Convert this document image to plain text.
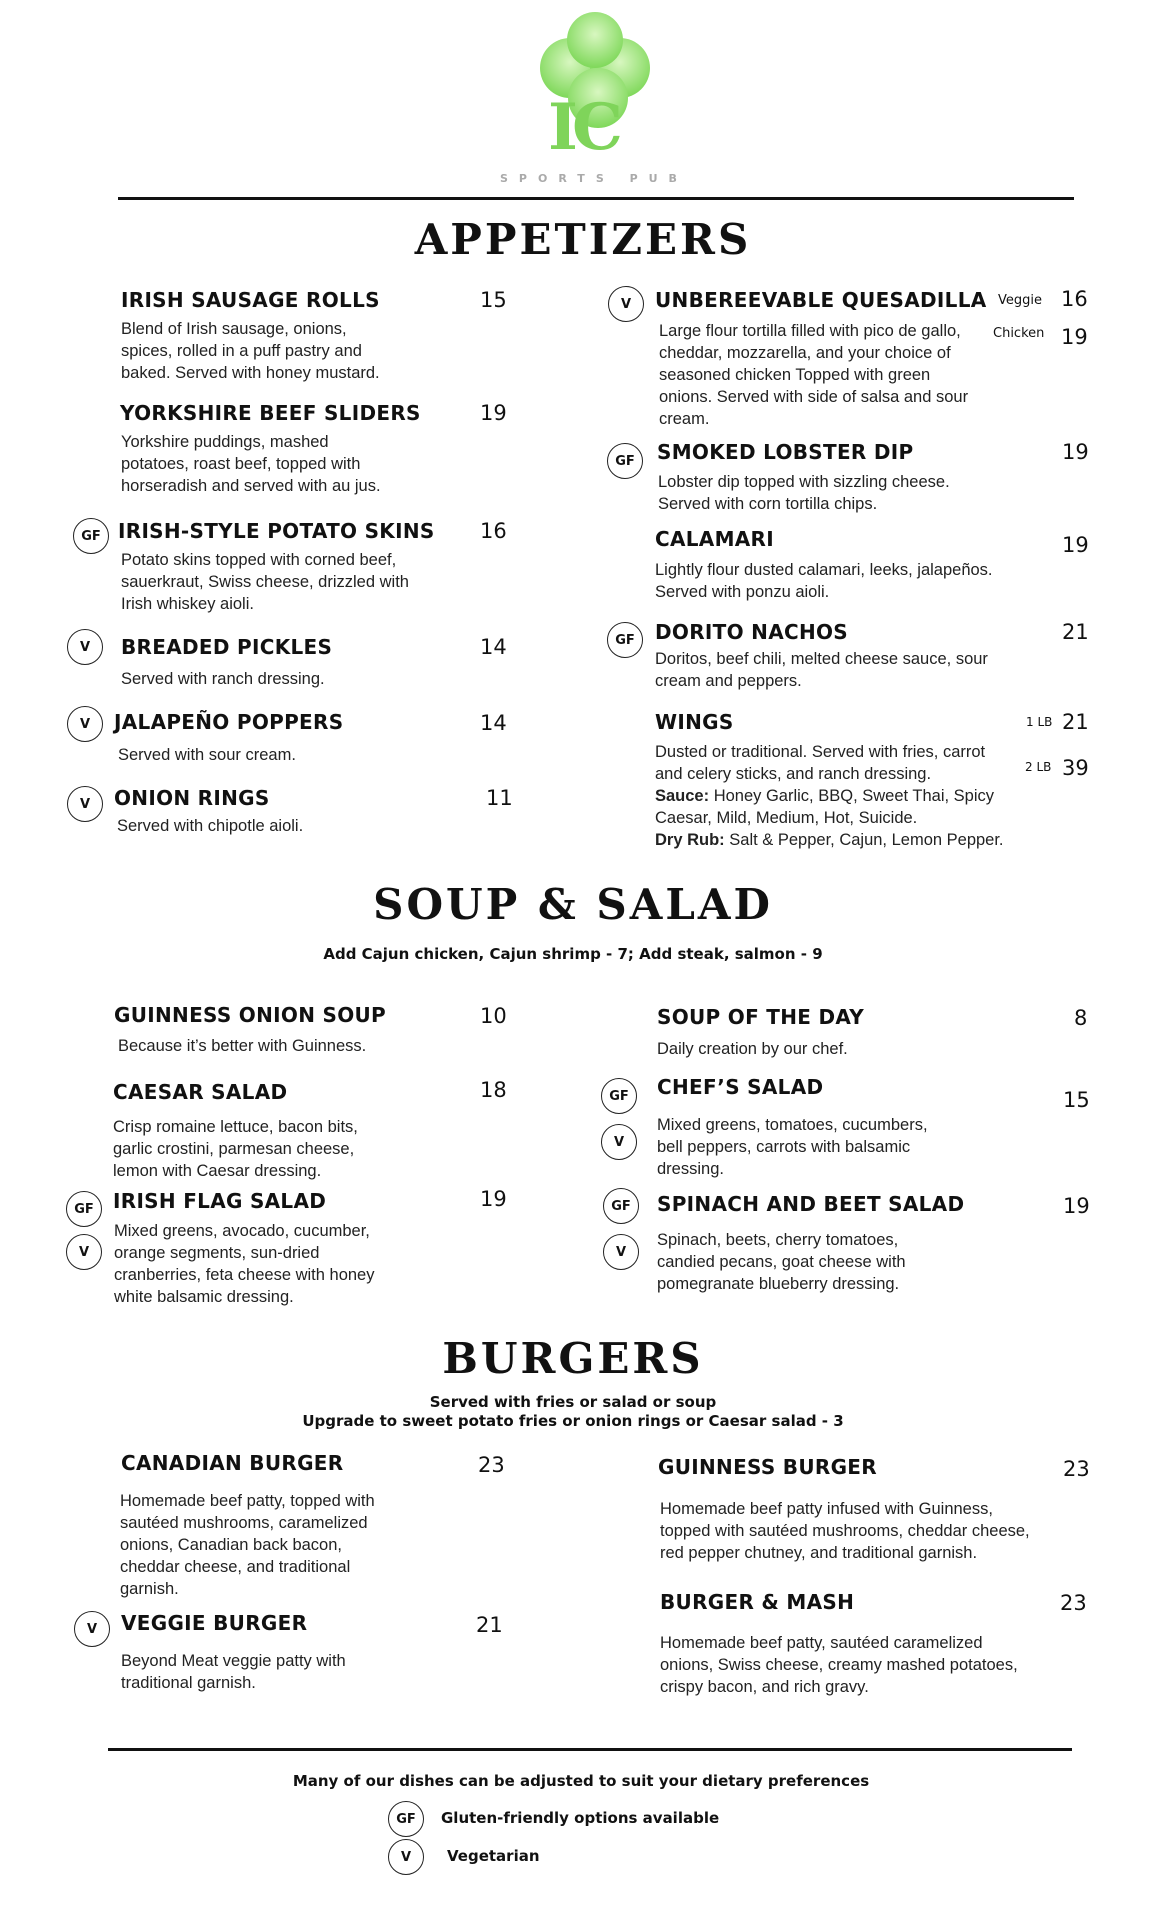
IC
SPORTS PUB
APPETIZERS
IRISH SAUSAGE ROLLS	15
Blend of Irish sausage, onions,
spices, rolled in a puff pastry and
baked. Served with honey mustard.
YORKSHIRE BEEF SLIDERS	19
Yorkshire puddings, mashed
potatoes, roast beef, topped with
horseradish and served with au jus.
GF IRISH-STYLE POTATO SKINS 16
Potato skins topped with corned beef,
sauerkraut, Swiss cheese, drizzled with
Irish whiskey aioli.
V	BREADED PICKLES	14
Served with ranch dressing.
V	JALAPEÑO POPPERS	14
Served with sour cream.
V	ONION RINGS	11
Served with chipotle aioli.
V	UNBEREEVABLE QUESADILLA Veggie 16
Chicken 19
Large flour tortilla filled with pico de gallo,
cheddar, mozzarella, and your choice of
seasoned chicken Topped with green
onions. Served with side of salsa and sour
cream.
GF	SMOKED LOBSTER DIP	19
Lobster dip topped with sizzling cheese.
Served with corn tortilla chips.
CALAMARI	19
Lightly flour dusted calamari, leeks, jalapeños.
Served with ponzu aioli.
GF	DORITO NACHOS	21
Doritos, beef chili, melted cheese sauce, sour
cream and peppers.
WINGS	1 LB 21
2 LB 39
Dusted or traditional. Served with fries, carrot
and celery sticks, and ranch dressing.
Sauce: Honey Garlic, BBQ, Sweet Thai, Spicy
Caesar, Mild, Medium, Hot, Suicide.
Dry Rub: Salt & Pepper, Cajun, Lemon Pepper.
SOUP & SALAD
Add Cajun chicken, Cajun shrimp - 7; Add steak, salmon - 9
GUINNESS ONION SOUP	10
Because it’s better with Guinness.
CAESAR SALAD	18
Crisp romaine lettuce, bacon bits,
garlic crostini, parmesan cheese,
lemon with Caesar dressing.
GF
V
IRISH FLAG SALAD	19
Mixed greens, avocado, cucumber,
orange segments, sun-dried
cranberries, feta cheese with honey
white balsamic dressing.
SOUP OF THE DAY	8
Daily creation by our chef.
GF
V
CHEF’S SALAD
15
Mixed greens, tomatoes, cucumbers,
bell peppers, carrots with balsamic
dressing.
GF
V
SPINACH AND BEET SALAD	19
Spinach, beets, cherry tomatoes,
candied pecans, goat cheese with
pomegranate blueberry dressing.
BURGERS
Served with fries or salad or soup
Upgrade to sweet potato fries or onion rings or Caesar salad - 3
CANADIAN BURGER	23
Homemade beef patty, topped with
sautéed mushrooms, caramelized
onions, Canadian back bacon,
cheddar cheese, and traditional
garnish.
V	VEGGIE BURGER	21
Beyond Meat veggie patty with
traditional garnish.
GUINNESS BURGER	23
Homemade beef patty infused with Guinness,
topped with sautéed mushrooms, cheddar cheese,
red pepper chutney, and traditional garnish.
BURGER & MASH	23
Homemade beef patty, sautéed caramelized
onions, Swiss cheese, creamy mashed potatoes,
crispy bacon, and rich gravy.
Many of our dishes can be adjusted to suit your dietary preferences
GF	Gluten-friendly options available
V	Vegetarian
